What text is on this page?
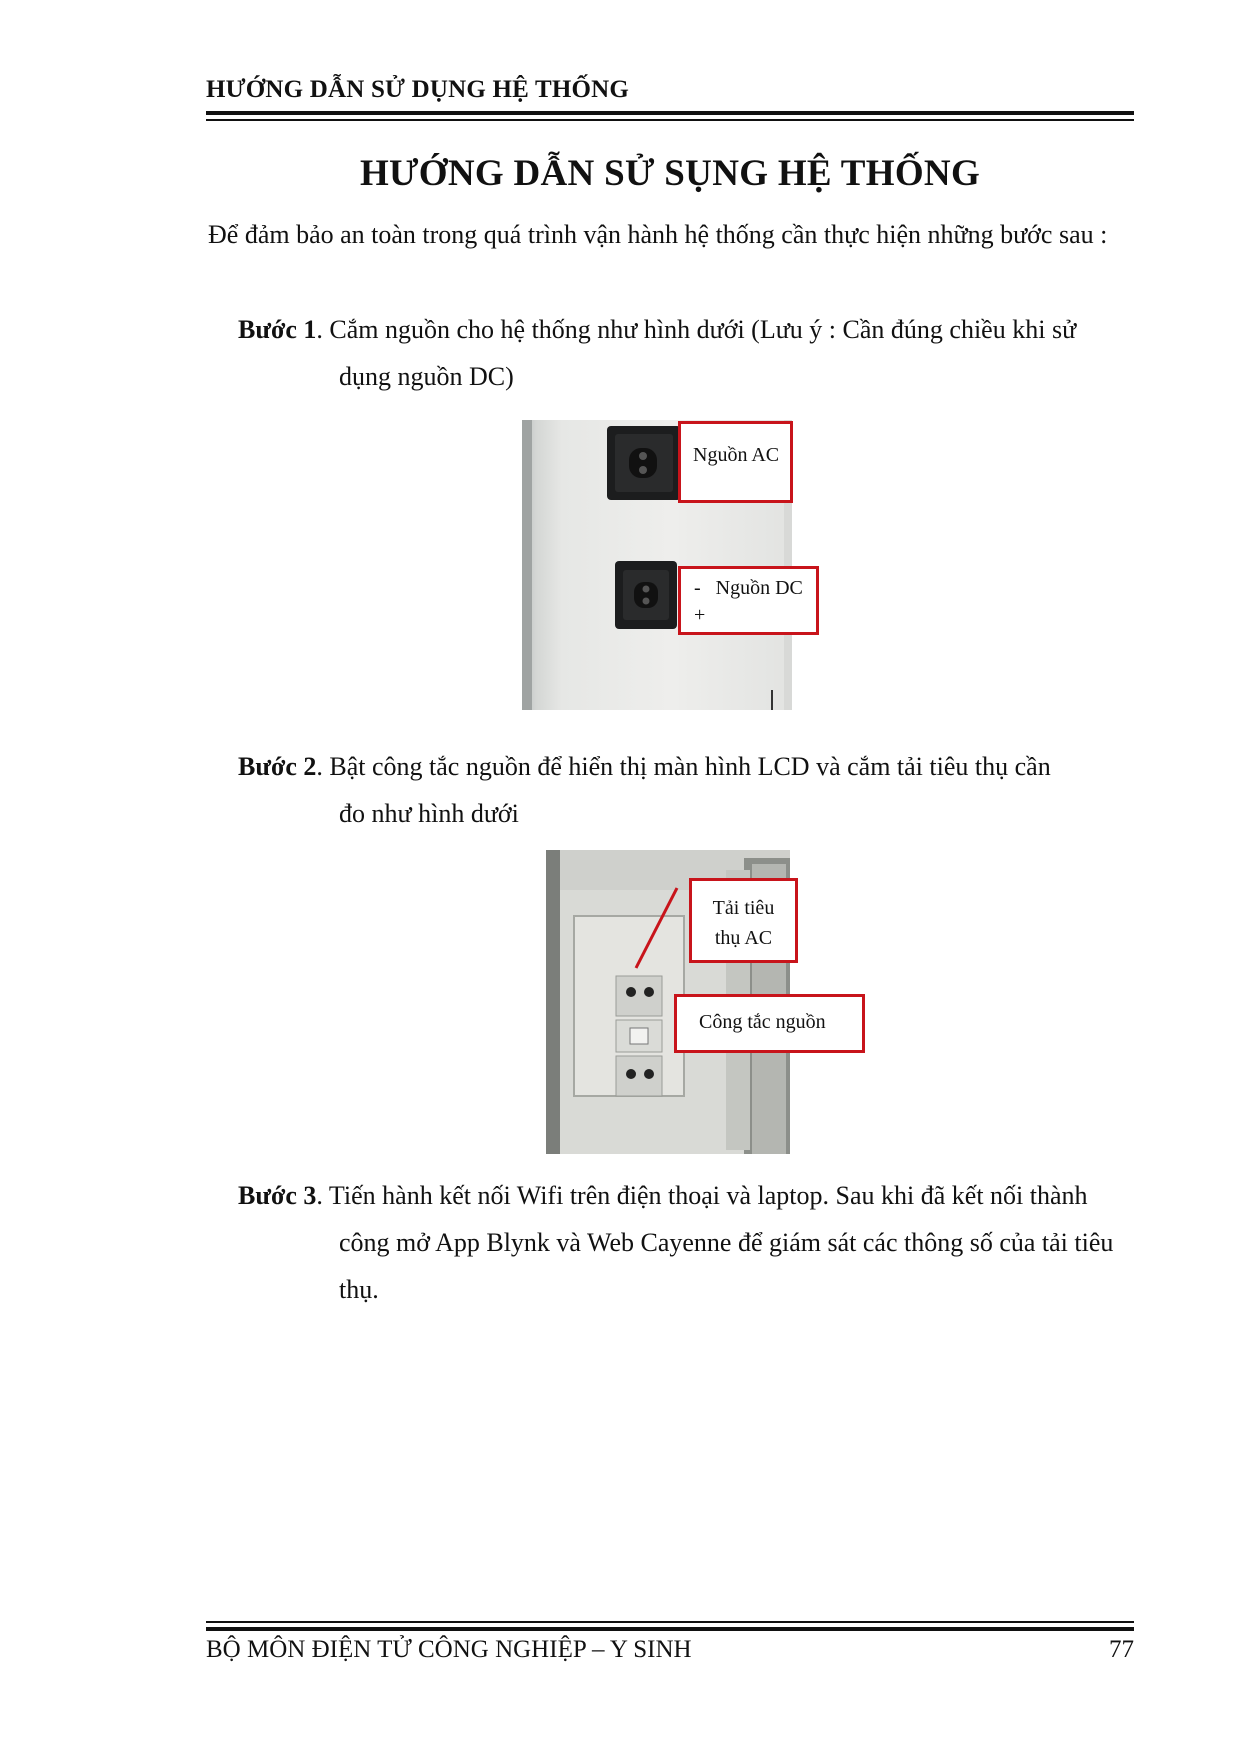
HƯỚNG DẪN SỬ DỤNG HỆ THỐNG
HƯỚNG DẪN SỬ SỤNG HỆ THỐNG
Để đảm bảo an toàn trong quá trình vận hành hệ thống cần thực hiện những bước sau :
Bước 1. Cắm nguồn cho hệ thống như hình dưới (Lưu ý : Cần đúng chiều khi sử
dụng nguồn DC)
Nguồn AC
- Nguồn DC
+
Bước 2. Bật công tắc nguồn để hiển thị màn hình LCD và cắm tải tiêu thụ cần
đo như hình dưới
Tải tiêu
thụ AC
Công tắc nguồn
Bước 3. Tiến hành kết nối Wifi trên điện thoại và laptop. Sau khi đã kết nối thành
công mở App Blynk và Web Cayenne để giám sát các thông số của tải tiêu thụ.
BỘ MÔN ĐIỆN TỬ CÔNG NGHIỆP – Y SINH	77
